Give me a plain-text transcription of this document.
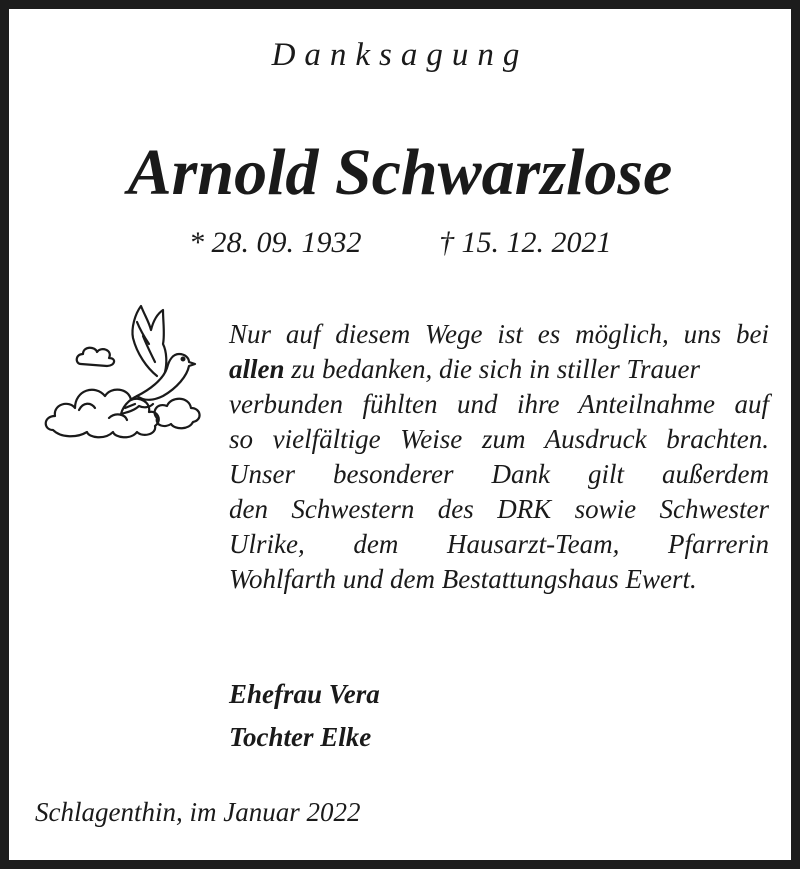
Danksagung
Arnold Schwarzlose
* 28. 09. 1932	† 15. 12. 2021
Nur auf diesem Wege ist es möglich, uns bei
allen zu bedanken, die sich in stiller Trauer
verbunden fühlten und ihre Anteilnahme auf
so vielfältige Weise zum Ausdruck brachten.
Unser besonderer Dank gilt außerdem
den Schwestern des DRK sowie Schwester
Ulrike, dem Hausarzt-Team, Pfarrerin
Wohlfarth und dem Bestattungshaus Ewert.
Ehefrau Vera
Tochter Elke
Schlagenthin, im Januar 2022
